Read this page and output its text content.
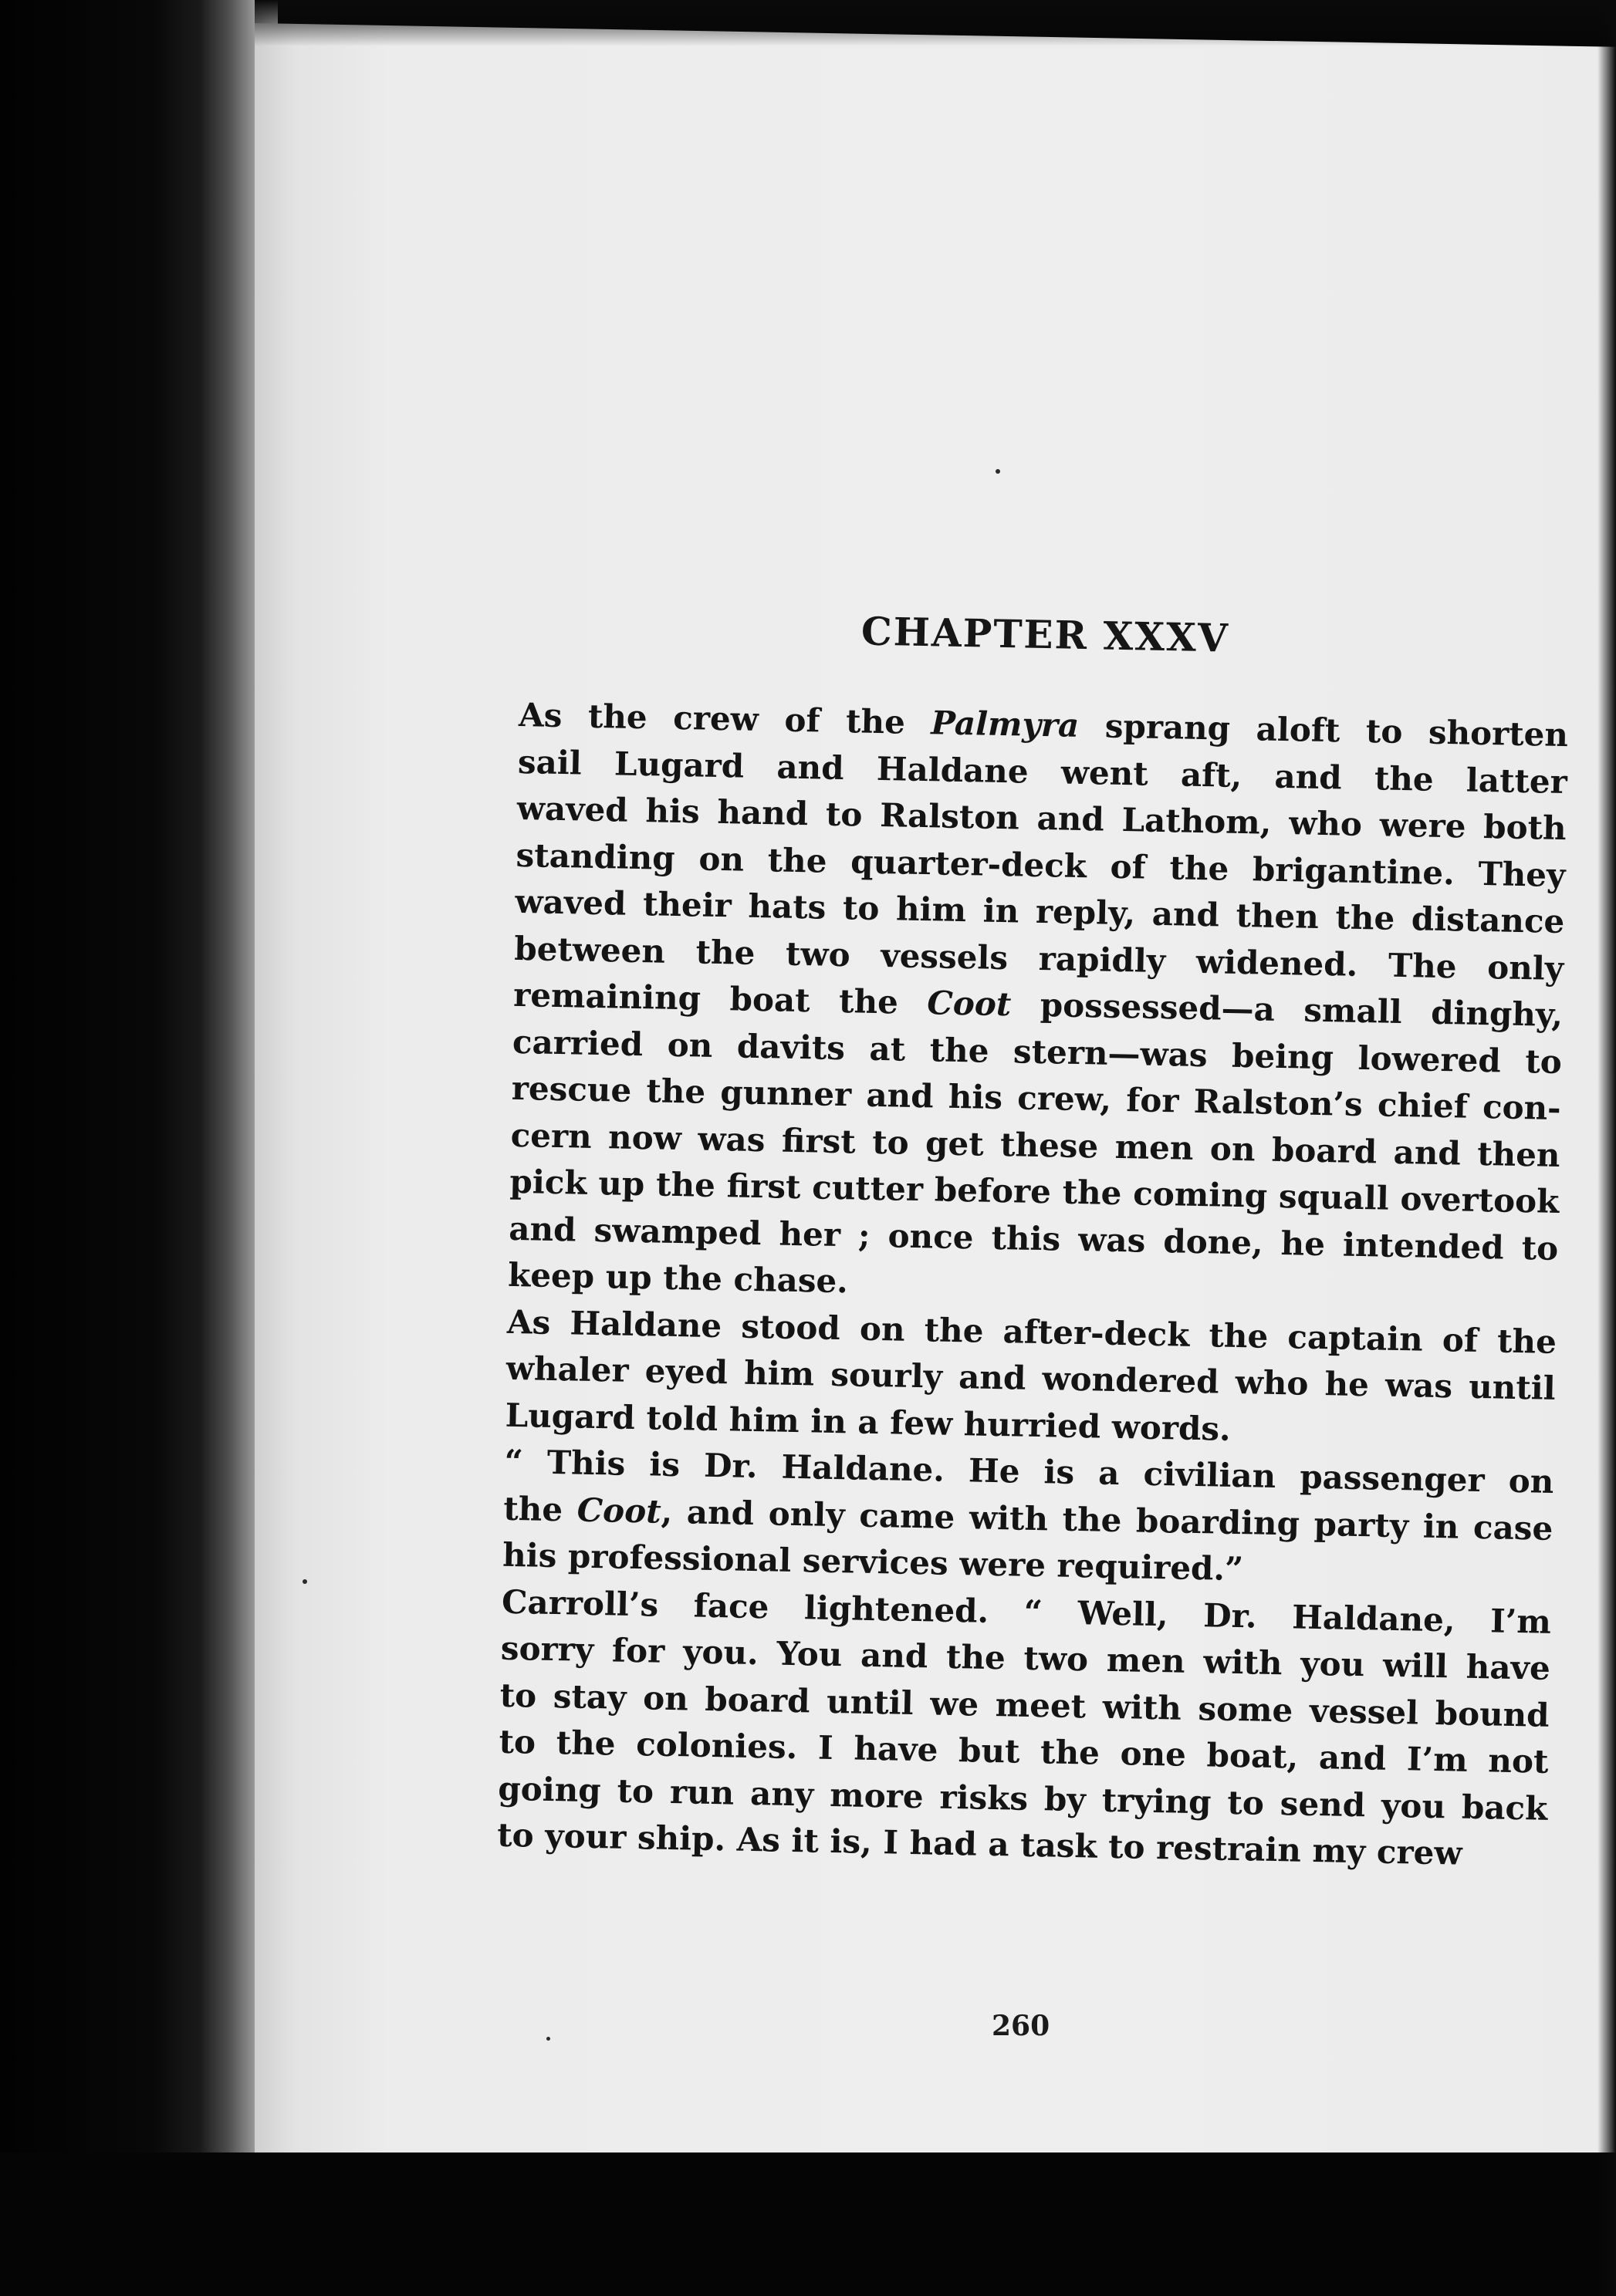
CHAPTER XXXV
As the crew of the Palmyra sprang aloft to shorten
sail Lugard and Haldane went aft, and the latter
waved his hand to Ralston and Lathom, who were both
standing on the quarter-deck of the brigantine. They
waved their hats to him in reply, and then the distance
between the two vessels rapidly widened. The only
remaining boat the Coot possessed—a small dinghy,
carried on davits at the stern—was being lowered to
rescue the gunner and his crew, for Ralston’s chief con-
cern now was first to get these men on board and then
pick up the first cutter before the coming squall overtook
and swamped her ; once this was done, he intended to
keep up the chase.
As Haldane stood on the after-deck the captain of the
whaler eyed him sourly and wondered who he was until
Lugard told him in a few hurried words.
“ This is Dr. Haldane. He is a civilian passenger on
the Coot, and only came with the boarding party in case
his professional services were required.”
Carroll’s face lightened. “ Well, Dr. Haldane, I’m
sorry for you. You and the two men with you will have
to stay on board until we meet with some vessel bound
to the colonies. I have but the one boat, and I’m not
going to run any more risks by trying to send you back
to your ship. As it is, I had a task to restrain my crew
260
